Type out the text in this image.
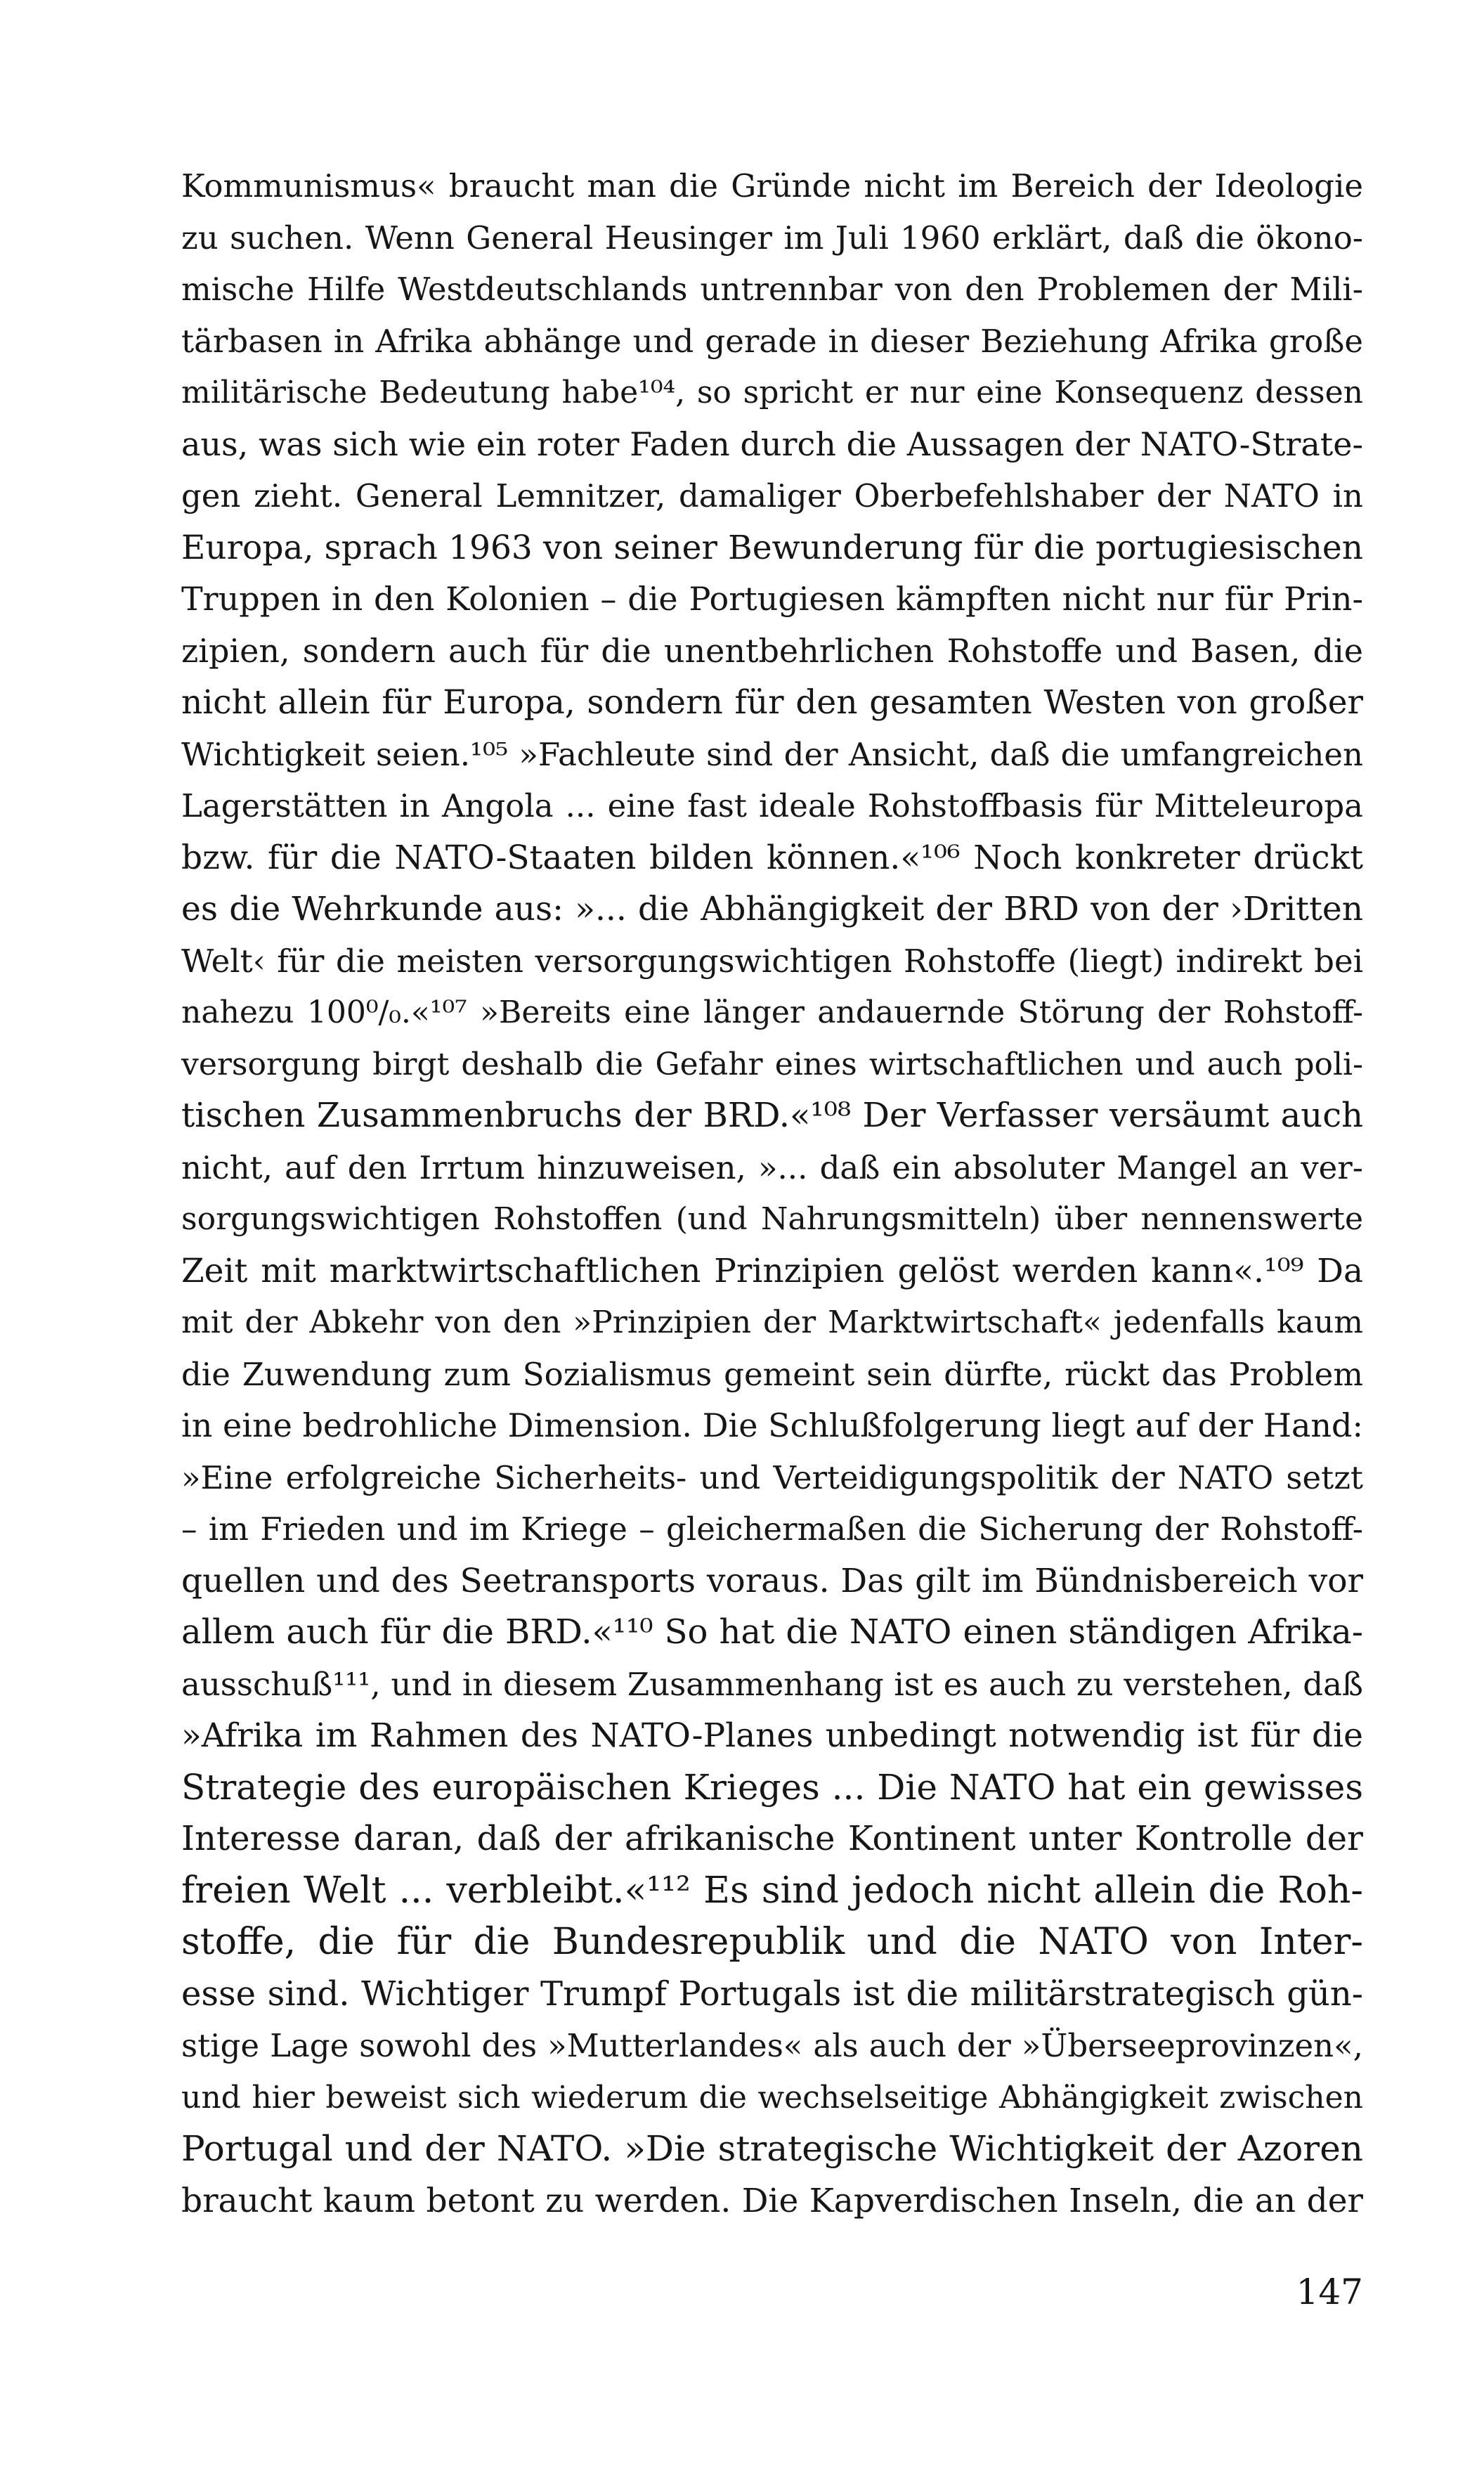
Kommunismus« braucht man die Gründe nicht im Bereich der Ideologie
zu suchen. Wenn General Heusinger im Juli 1960 erklärt, daß die ökono-
mische Hilfe Westdeutschlands untrennbar von den Problemen der Mili-
tärbasen in Afrika abhänge und gerade in dieser Beziehung Afrika große
militärische Bedeutung habe¹⁰⁴, so spricht er nur eine Konsequenz dessen
aus, was sich wie ein roter Faden durch die Aussagen der NATO-Strate-
gen zieht. General Lemnitzer, damaliger Oberbefehlshaber der NATO in
Europa, sprach 1963 von seiner Bewunderung für die portugiesischen
Truppen in den Kolonien – die Portugiesen kämpften nicht nur für Prin-
zipien, sondern auch für die unentbehrlichen Rohstoffe und Basen, die
nicht allein für Europa, sondern für den gesamten Westen von großer
Wichtigkeit seien.¹⁰⁵ »Fachleute sind der Ansicht, daß die umfangreichen
Lagerstätten in Angola ... eine fast ideale Rohstoffbasis für Mitteleuropa
bzw. für die NATO-Staaten bilden können.«¹⁰⁶ Noch konkreter drückt
es die Wehrkunde aus: »... die Abhängigkeit der BRD von der ›Dritten
Welt‹ für die meisten versorgungswichtigen Rohstoffe (liegt) indirekt bei
nahezu 100⁰/₀.«¹⁰⁷ »Bereits eine länger andauernde Störung der Rohstoff-
versorgung birgt deshalb die Gefahr eines wirtschaftlichen und auch poli-
tischen Zusammenbruchs der BRD.«¹⁰⁸ Der Verfasser versäumt auch
nicht, auf den Irrtum hinzuweisen, »... daß ein absoluter Mangel an ver-
sorgungswichtigen Rohstoffen (und Nahrungsmitteln) über nennenswerte
Zeit mit marktwirtschaftlichen Prinzipien gelöst werden kann«.¹⁰⁹ Da
mit der Abkehr von den »Prinzipien der Marktwirtschaft« jedenfalls kaum
die Zuwendung zum Sozialismus gemeint sein dürfte, rückt das Problem
in eine bedrohliche Dimension. Die Schlußfolgerung liegt auf der Hand:
»Eine erfolgreiche Sicherheits- und Verteidigungspolitik der NATO setzt
– im Frieden und im Kriege – gleichermaßen die Sicherung der Rohstoff-
quellen und des Seetransports voraus. Das gilt im Bündnisbereich vor
allem auch für die BRD.«¹¹⁰ So hat die NATO einen ständigen Afrika-
ausschuß¹¹¹, und in diesem Zusammenhang ist es auch zu verstehen, daß
»Afrika im Rahmen des NATO-Planes unbedingt notwendig ist für die
Strategie des europäischen Krieges ... Die NATO hat ein gewisses
Interesse daran, daß der afrikanische Kontinent unter Kontrolle der
freien Welt ... verbleibt.«¹¹² Es sind jedoch nicht allein die Roh-
stoffe, die für die Bundesrepublik und die NATO von Inter-
esse sind. Wichtiger Trumpf Portugals ist die militärstrategisch gün-
stige Lage sowohl des »Mutterlandes« als auch der »Überseeprovinzen«,
und hier beweist sich wiederum die wechselseitige Abhängigkeit zwischen
Portugal und der NATO. »Die strategische Wichtigkeit der Azoren
braucht kaum betont zu werden. Die Kapverdischen Inseln, die an der
147
